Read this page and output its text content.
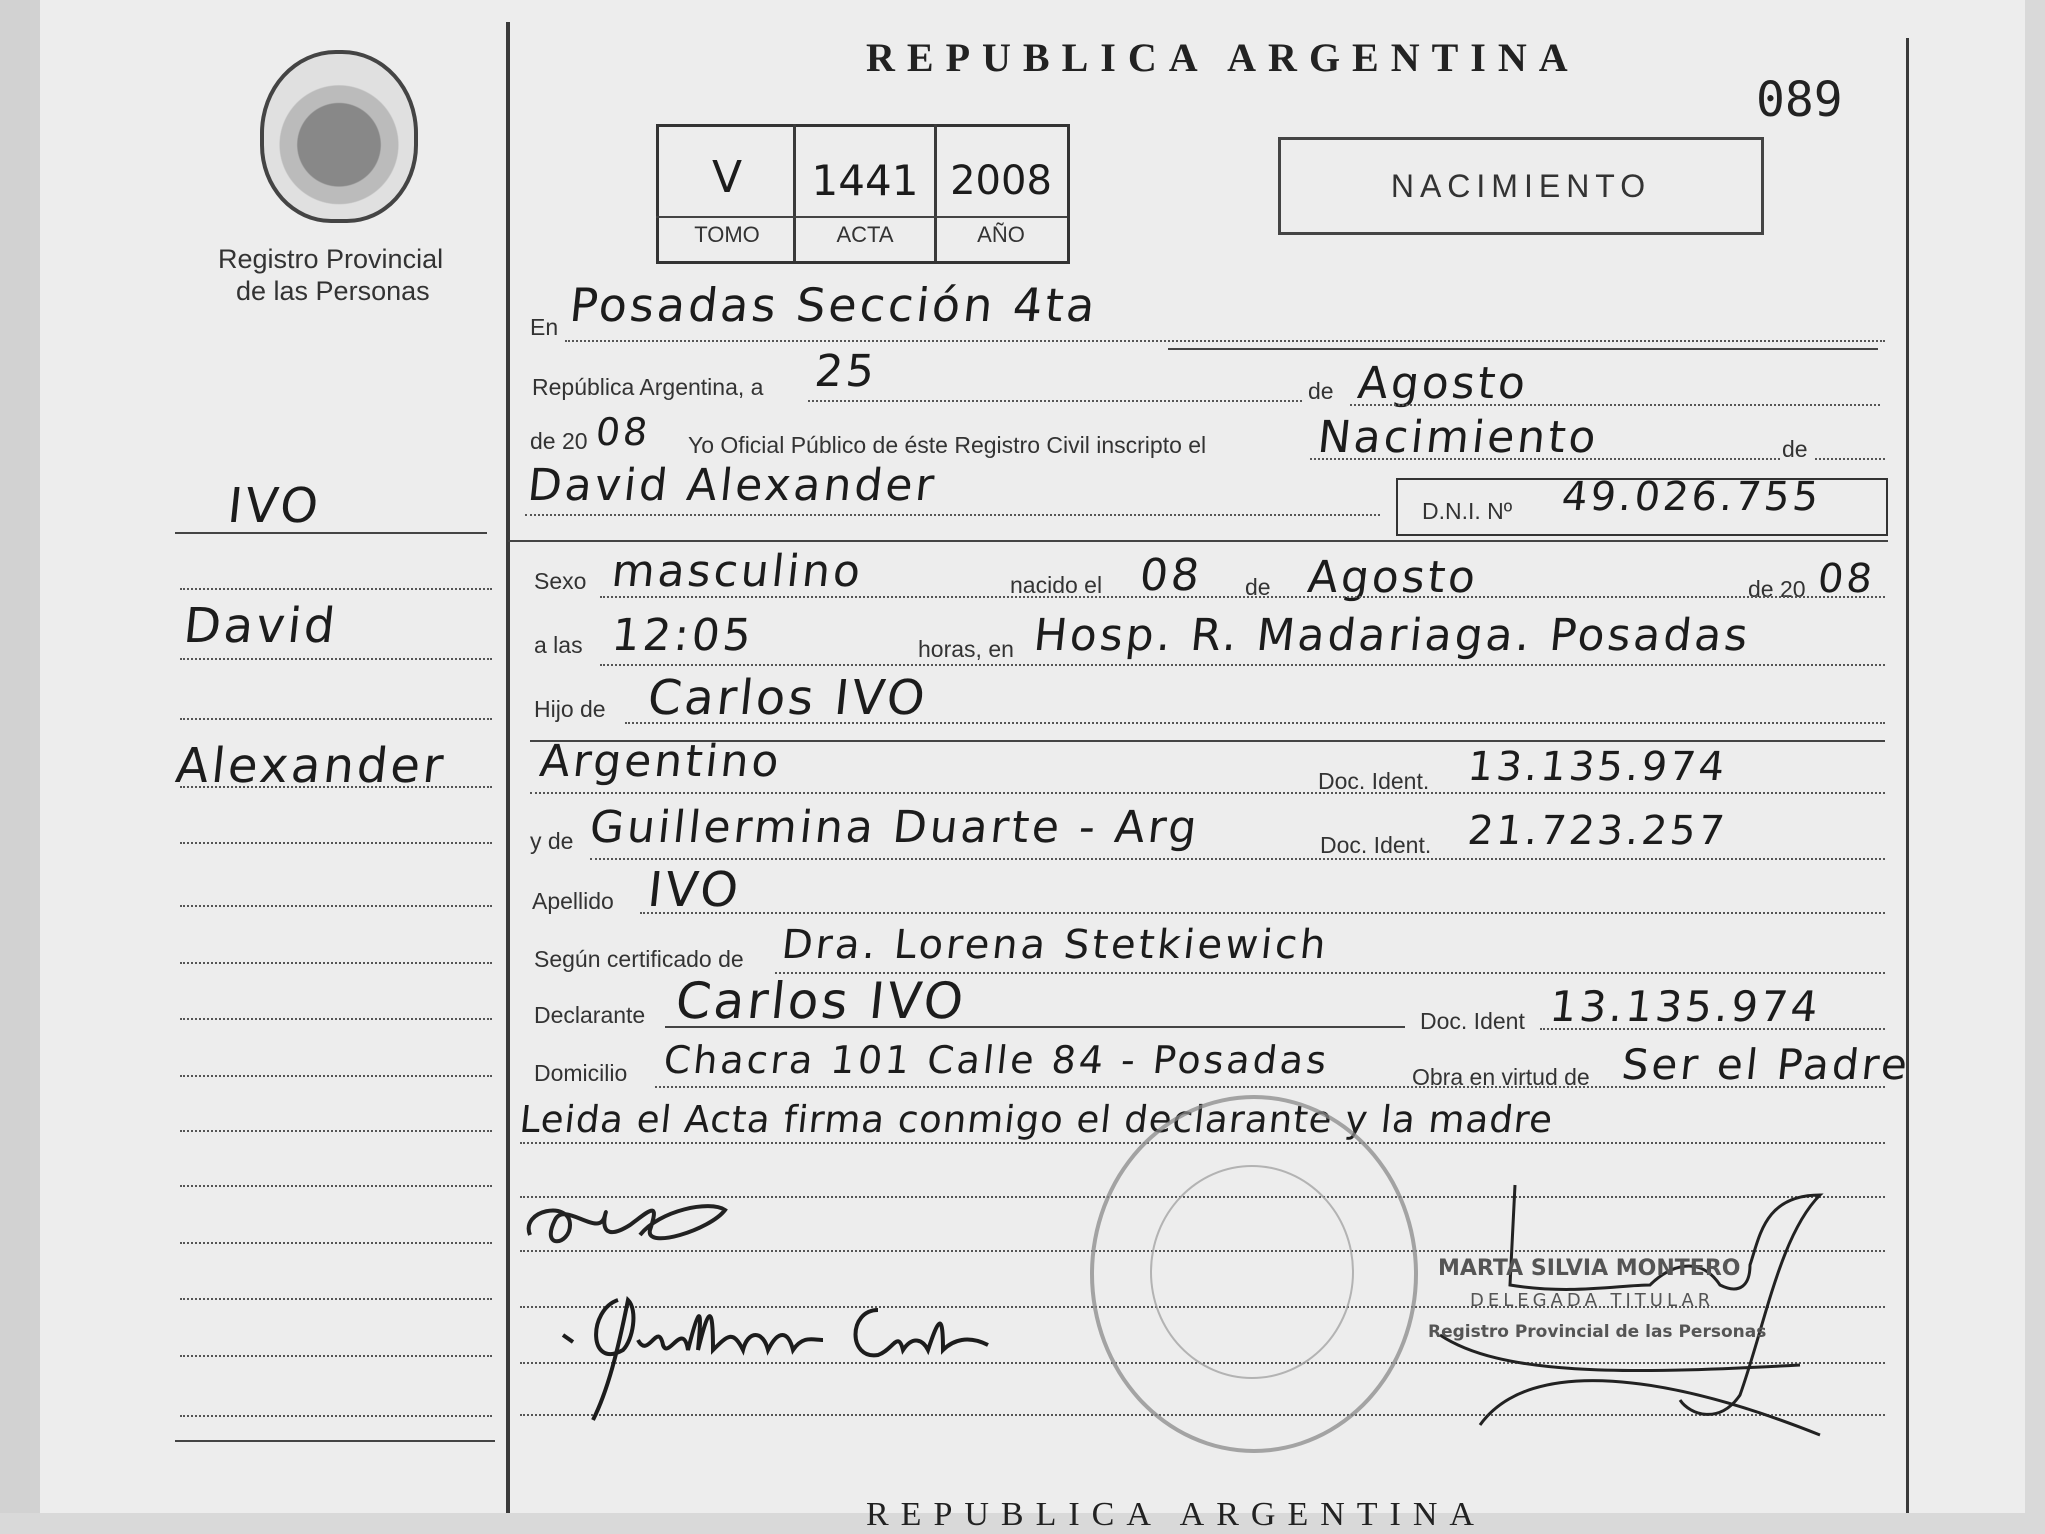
Registro Provincial
de las Personas
IVO
David
Alexander
REPUBLICA ARGENTINA
089
NACIMIENTO
V	1441 2008
TOMO	ACTA	AÑO
En Posadas Sección 4ta
República Argentina, a 25	de Agosto
de 20 08 Yo Oficial Público de éste Registro Civil inscripto el Nacimiento	de
David Alexander	D.N.I. Nº 49.026.755
Sexo masculino	nacido el 08 de Agosto	de 20 08
a las 12:05	horas, en Hosp. R. Madariaga. Posadas
Hijo de Carlos IVO
Argentino	Doc. Ident. 13.135.974
y de Guillermina Duarte - Arg	Doc. Ident. 21.723.257
Apellido IVO
Según certificado de Dra. Lorena Stetkiewich
Declarante Carlos IVO	Doc. Ident 13.135.974
Domicilio Chacra 101 Calle 84 - Posadas	Obra en virtud de Ser el Padre
Leida el Acta firma conmigo el declarante y la madre
MARTA SILVIA MONTERO
DELEGADA TITULAR
Registro Provincial de las Personas
REPUBLICA ARGENTINA
